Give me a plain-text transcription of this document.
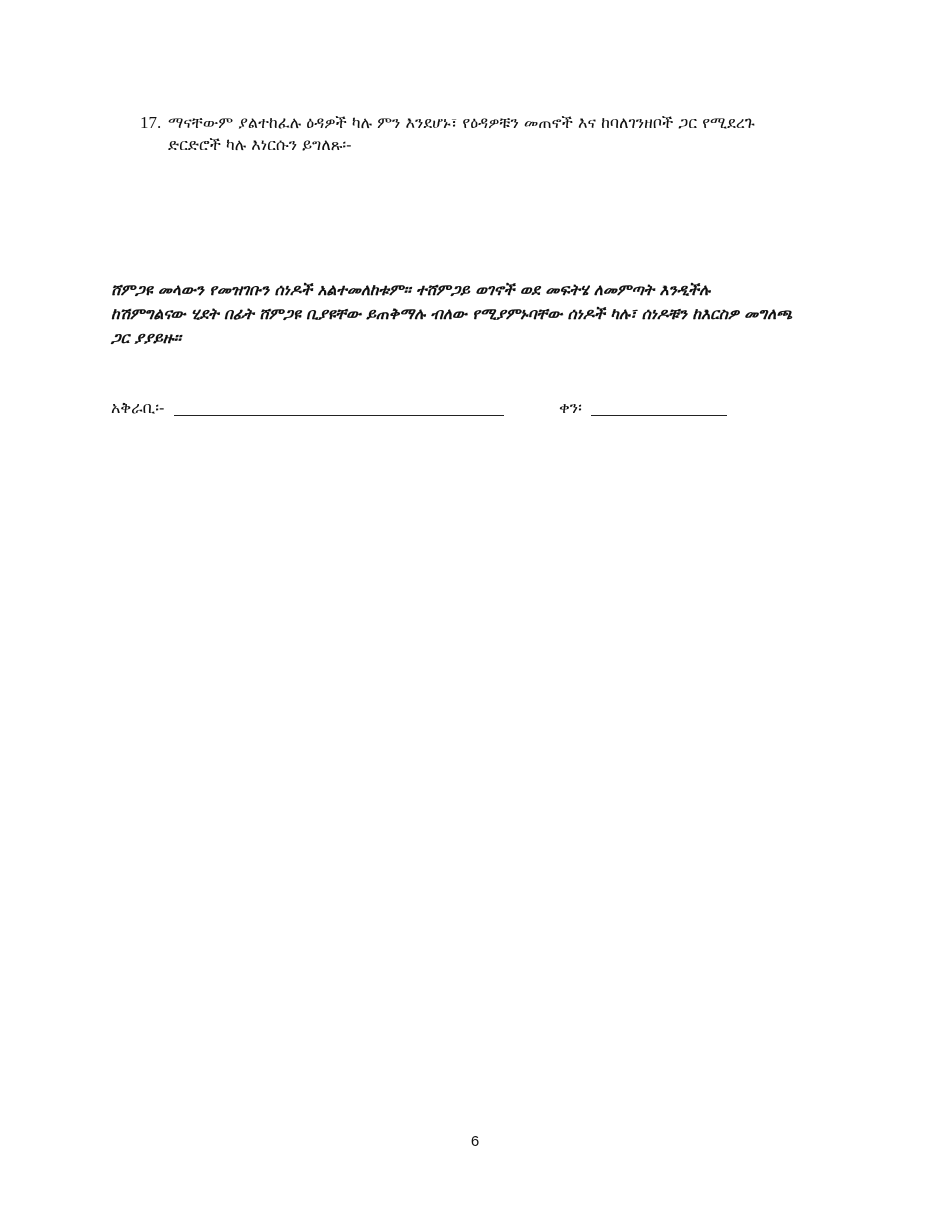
17. ማናቸውም ያልተከፈሉ ዕዳዎች ካሉ ምን እንደሆኑ፣ የዕዳዎቹን መጠኖች እና ከባለገንዘቦች ጋር የሚደረጉ
ድርድሮች ካሉ እነርሱን ይግለጹ፡-
ሸምጋዩ መላውን የመዝገቡን ሰነዶች አልተመለከቱም፡፡ ተሸምጋይ ወገኖች ወደ መፍትሄ ለመምጣት እንዲችሉ
ከሽምግልናው ሂደት በፊት ሸምጋዩ ቢያዩቸው ይጠቅማሉ ብለው የሚያምኑባቸው ሰነዶች ካሉ፣ ሰነዶቹን ከእርስዎ መግለጫ
ጋር ያያይዙ፡፡
አቅራቢ፡-	ቀን፡
6
